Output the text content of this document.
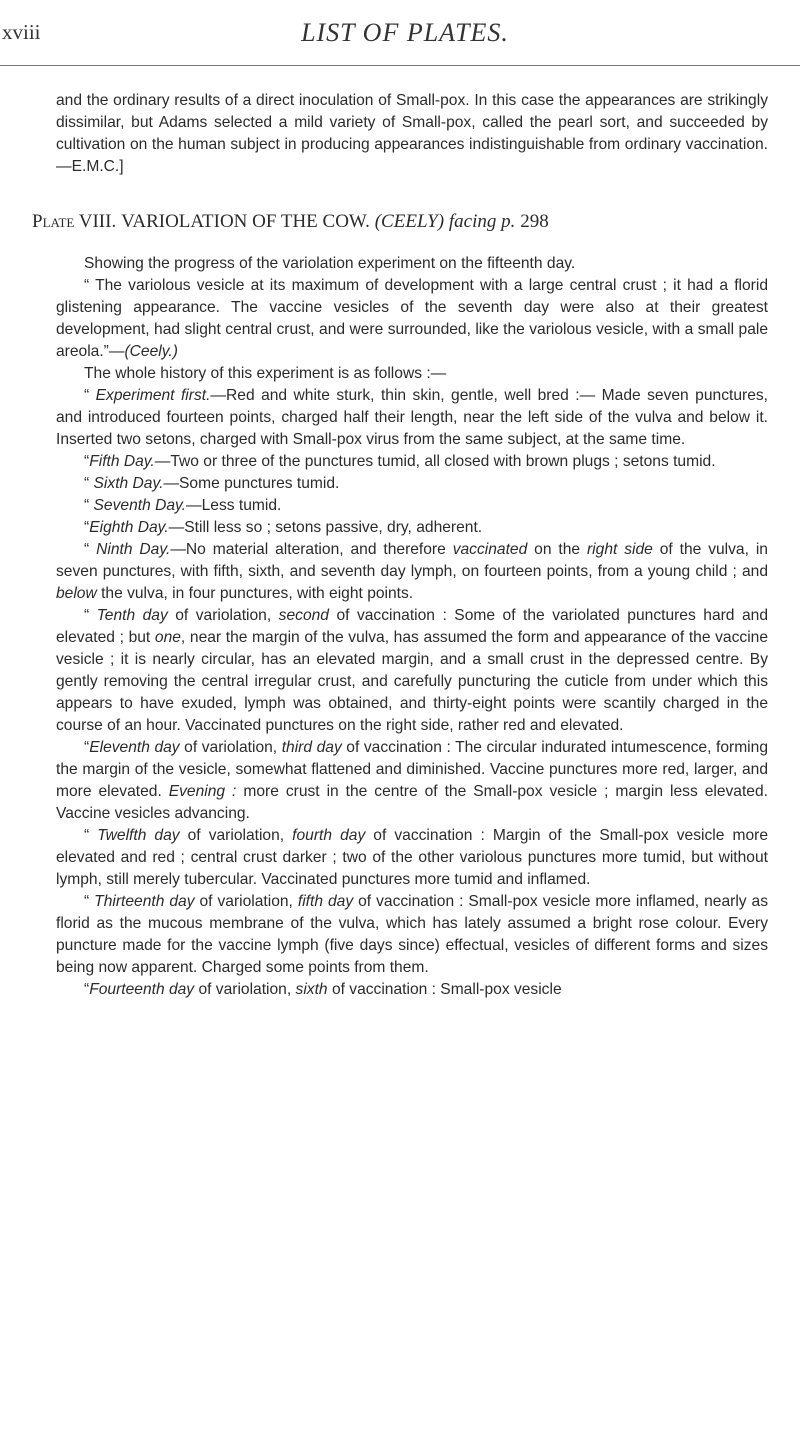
xviii	LIST OF PLATES.

and the ordinary results of a direct inoculation of Small-pox. In this case the appearances are strikingly dissimilar, but Adams selected a mild variety of Small-pox, called the pearl sort, and succeeded by cultivation on the human subject in producing appearances indistinguishable from ordinary vaccination.—E.M.C.]

Plate VIII. VARIOLATION OF THE COW. (CEELY) facing p. 298

Showing the progress of the variolation experiment on the fifteenth day.

“ The variolous vesicle at its maximum of development with a large central crust ; it had a florid glistening appearance. The vaccine vesicles of the seventh day were also at their greatest development, had slight central crust, and were surrounded, like the variolous vesicle, with a small pale areola.”—(Ceely.)

The whole history of this experiment is as follows :—

“ Experiment first.—Red and white sturk, thin skin, gentle, well bred :— Made seven punctures, and introduced fourteen points, charged half their length, near the left side of the vulva and below it. Inserted two setons, charged with Small-pox virus from the same subject, at the same time.

“Fifth Day.—Two or three of the punctures tumid, all closed with brown plugs ; setons tumid.

“ Sixth Day.—Some punctures tumid.

“ Seventh Day.—Less tumid.

“Eighth Day.—Still less so ; setons passive, dry, adherent.

“ Ninth Day.—No material alteration, and therefore vaccinated on the right side of the vulva, in seven punctures, with fifth, sixth, and seventh day lymph, on fourteen points, from a young child ; and below the vulva, in four punctures, with eight points.

“ Tenth day of variolation, second of vaccination : Some of the variolated punctures hard and elevated ; but one, near the margin of the vulva, has assumed the form and appearance of the vaccine vesicle ; it is nearly circular, has an elevated margin, and a small crust in the depressed centre. By gently removing the central irregular crust, and carefully puncturing the cuticle from under which this appears to have exuded, lymph was obtained, and thirty-eight points were scantily charged in the course of an hour. Vaccinated punctures on the right side, rather red and elevated.

“Eleventh day of variolation, third day of vaccination : The circular indurated intumescence, forming the margin of the vesicle, somewhat flattened and diminished. Vaccine punctures more red, larger, and more elevated. Evening : more crust in the centre of the Small-pox vesicle ; margin less elevated. Vaccine vesicles advancing.

“ Twelfth day of variolation, fourth day of vaccination : Margin of the Small-pox vesicle more elevated and red ; central crust darker ; two of the other variolous punctures more tumid, but without lymph, still merely tubercular. Vaccinated punctures more tumid and inflamed.

“ Thirteenth day of variolation, fifth day of vaccination : Small-pox vesicle more inflamed, nearly as florid as the mucous membrane of the vulva, which has lately assumed a bright rose colour. Every puncture made for the vaccine lymph (five days since) effectual, vesicles of different forms and sizes being now apparent. Charged some points from them.

“Fourteenth day of variolation, sixth of vaccination : Small-pox vesicle
